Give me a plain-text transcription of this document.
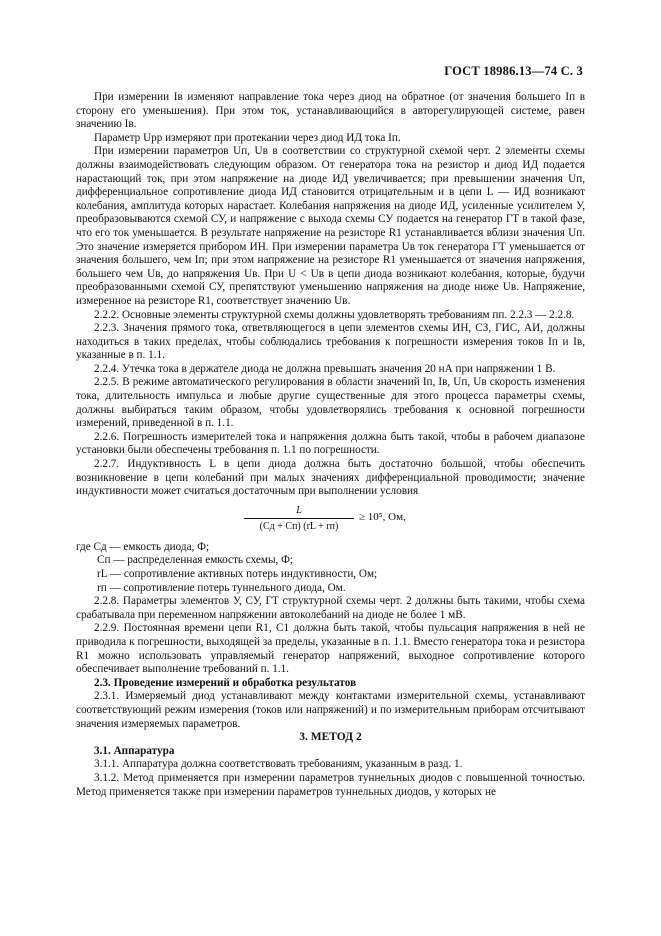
ГОСТ 18986.13—74 С. 3

При измерении Iв изменяют направление тока через диод на обратное (от значения большего Iп в сторону его уменьшения). При этом ток, устанавливающийся в авторегулирующей системе, равен значению Iв.

Параметр Uрр измеряют при протекании через диод ИД тока Iп.

При измерении параметров Uп, Uв в соответствии со структурной схемой черт. 2 элементы схемы должны взаимодействовать следующим образом. От генератора тока на резистор и диод ИД подается нарастающий ток, при этом напряжение на диоде ИД увеличивается; при превышении значения Uп, дифференциальное сопротивление диода ИД становится отрицательным и в цепи L — ИД возникают колебания, амплитуда которых нарастает. Колебания напряжения на диоде ИД, усиленные усилителем У, преобразовываются схемой СУ, и напряжение с выхода схемы СУ подается на генератор ГТ в такой фазе, что его ток уменьшается. В результате напряжение на резисторе R1 устанавливается вблизи значения Uп. Это значение измеряется прибором ИН. При измерении параметра Uв ток генератора ГТ уменьшается от значения большего, чем Iп; при этом напряжение на резисторе R1 уменьшается от значения напряжения, большего чем Uв, до напряжения Uв. При U < Uв в цепи диода возникают колебания, которые, будучи преобразованными схемой СУ, препятствуют уменьшению напряжения на диоде ниже Uв. Напряжение, измеренное на резисторе R1, соответствует значению Uв.

2.2.2. Основные элементы структурной схемы должны удовлетворять требованиям пп. 2.2.3 — 2.2.8.

2.2.3. Значения прямого тока, ответвляющегося в цепи элементов схемы ИН, СЗ, ГИС, АИ, должны находиться в таких пределах, чтобы соблюдались требования к погрешности измерения токов Iп и Iв, указанные в п. 1.1.

2.2.4. Утечка тока в держателе диода не должна превышать значения 20 нА при напряжении 1 В.

2.2.5. В режиме автоматического регулирования в области значений Iп, Iв, Uп, Uв скорость изменения тока, длительность импульса и любые другие существенные для этого процесса параметры схемы, должны выбираться таким образом, чтобы удовлетворялись требования к основной погрешности измерений, приведенной в п. 1.1.

2.2.6. Погрешность измерителей тока и напряжения должна быть такой, чтобы в рабочем диапазоне установки были обеспечены требования п. 1.1 по погрешности.

2.2.7. Индуктивность L в цепи диода должна быть достаточно большой, чтобы обеспечить возникновение в цепи колебаний при малых значениях дифференциальной проводимости; значение индуктивности может считаться достаточным при выполнении условия

L
(Cд + Cп) (rL + rп)
≥ 10⁵, Ом,
где Cд — емкость диода, Ф;
Cп — распределенная емкость схемы, Ф;
rL — сопротивление активных потерь индуктивности, Ом;
rп — сопротивление потерь туннельного диода, Ом.

2.2.8. Параметры элементов У, СУ, ГТ структурной схемы черт. 2 должны быть такими, чтобы схема срабатывала при переменном напряжении автоколебаний на диоде не более 1 мВ.

2.2.9. Постоянная времени цепи R1, C1 должна быть такой, чтобы пульсация напряжения в ней не приводила к погрешности, выходящей за пределы, указанные в п. 1.1. Вместо генератора тока и резистора R1 можно использовать управляемый генератор напряжений, выходное сопротивление которого обеспечивает выполнение требований п. 1.1.

2.3. Проведение измерений и обработка результатов

2.3.1. Измеряемый диод устанавливают между контактами измерительной схемы, устанавливают соответствующий режим измерения (токов или напряжений) и по измерительным приборам отсчитывают значения измеряемых параметров.

3. МЕТОД 2

3.1. Аппаратура

3.1.1. Аппаратура должна соответствовать требованиям, указанным в разд. 1.

3.1.2. Метод применяется при измерении параметров туннельных диодов с повышенной точностью. Метод применяется также при измерении параметров туннельных диодов, у которых не
